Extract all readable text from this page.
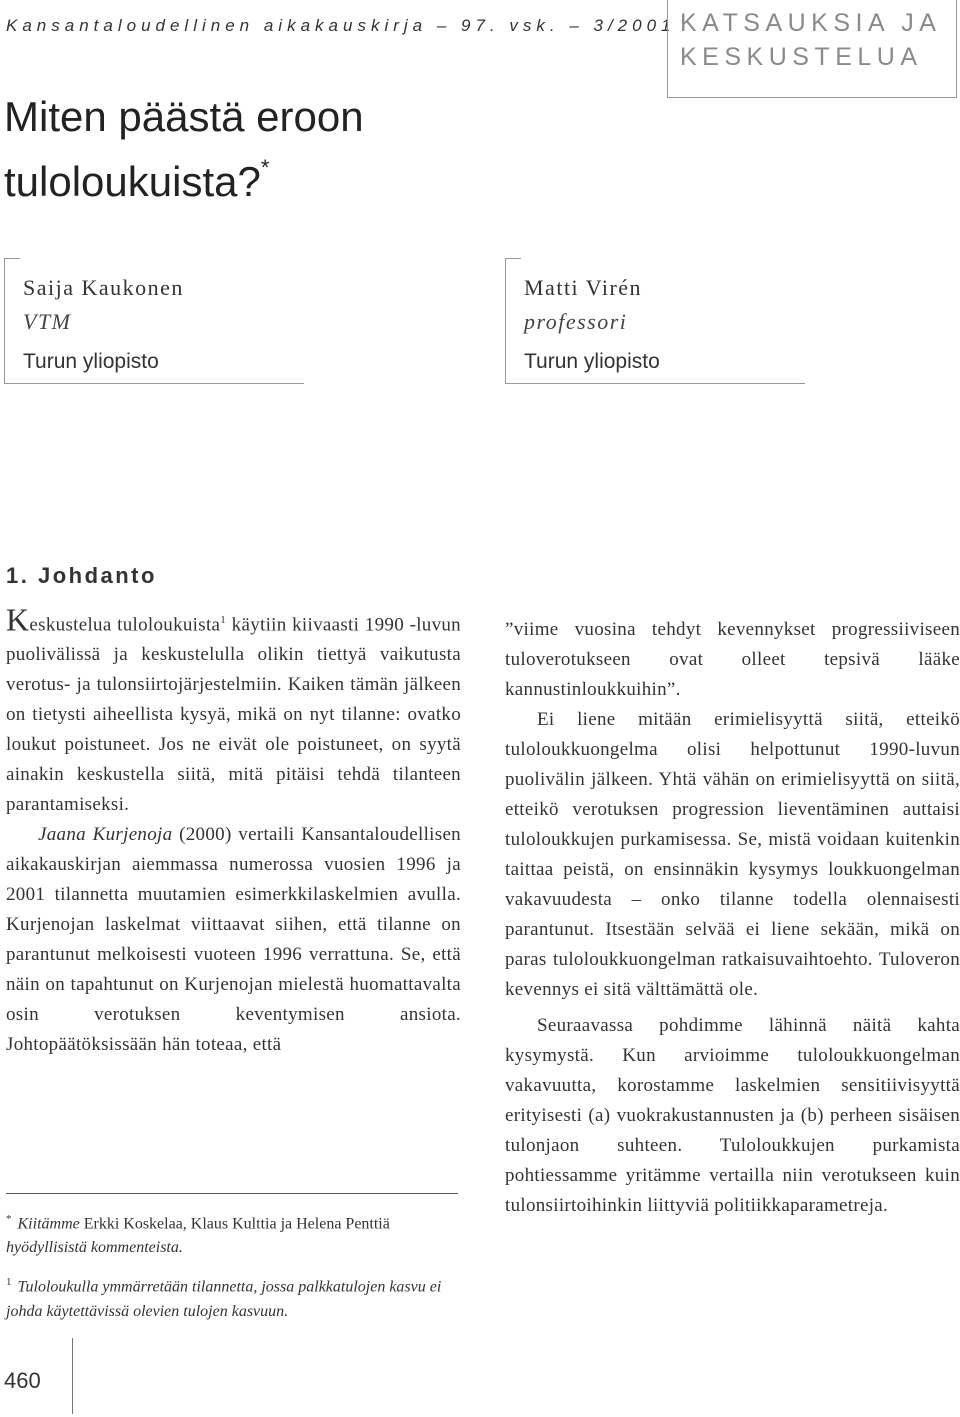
Kansantaloudellinen aikakauskirja – 97. vsk. – 3/2001 KATSAUKSIA JA
KESKUSTELUA
Miten päästä eroon
tuloloukuista?*
Saija Kaukonen
VTM
Turun yliopisto
Matti Virén
professori
Turun yliopisto
1. Johdanto

Keskustelua tuloloukuista$^1$ käytiin kiivaasti 1990 -luvun puolivälissä ja keskustelulla olikin tiettyä vaikutusta verotus- ja tulonsiirtojärjestelmiin. Kaiken tämän jälkeen on tietysti aiheellista kysyä, mikä on nyt tilanne: ovatko loukut poistuneet. Jos ne eivät ole poistuneet, on syytä ainakin keskustella siitä, mitä pitäisi tehdä tilanteen parantamiseksi.

Jaana Kurjenoja (2000) vertaili Kansantaloudellisen aikakauskirjan aiemmassa numerossa vuosien 1996 ja 2001 tilannetta muutamien esimerkkilaskelmien avulla. Kurjenojan laskelmat viittaavat siihen, että tilanne on parantunut melkoisesti vuoteen 1996 verrattuna. Se, että näin on tapahtunut on Kurjenojan mielestä huomattavalta osin verotuksen keventymisen ansiota. Johtopäätöksissään hän toteaa, että

”viime vuosina tehdyt kevennykset progressiiviseen tuloverotukseen ovat olleet tepsivä lääke kannustinloukkuihin”.

Ei liene mitään erimielisyyttä siitä, etteikö tuloloukkuongelma olisi helpottunut 1990-luvun puolivälin jälkeen. Yhtä vähän on erimielisyyttä on siitä, etteikö verotuksen progression lieventäminen auttaisi tuloloukkujen purkamisessa. Se, mistä voidaan kuitenkin taittaa peistä, on ensinnäkin kysymys loukkuongelman vakavuudesta – onko tilanne todella olennaisesti parantunut. Itsestään selvää ei liene sekään, mikä on paras tuloloukkuongelman ratkaisuvaihtoehto. Tuloveron kevennys ei sitä välttämättä ole.

Seuraavassa pohdimme lähinnä näitä kahta kysymystä. Kun arvioimme tuloloukkuongelman vakavuutta, korostamme laskelmien sensitiivisyyttä erityisesti (a) vuokrakustannusten ja (b) perheen sisäisen tulonjaon suhteen. Tuloloukkujen purkamista pohtiessamme yritämme vertailla niin verotukseen kuin tulonsiirtoihinkin liittyviä politiikkaparametreja.

* Kiitämme Erkki Koskelaa, Klaus Kulttia ja Helena Penttiä hyödyllisistä kommenteista.

$^1$ Tuloloukulla ymmärretään tilannetta, jossa palkkatulojen kasvu ei johda käytettävissä olevien tulojen kasvuun.

460
